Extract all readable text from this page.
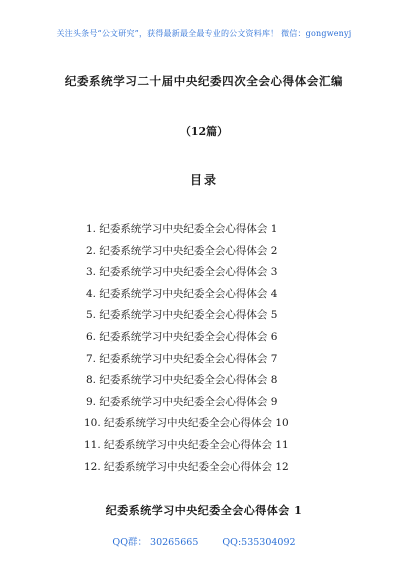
关注头条号“公文研究”，获得最新最全最专业的公文资料库！ 微信：gongwenyj
纪委系统学习二十届中央纪委四次全会心得体会汇编
（12篇）
目录
1. 纪委系统学习中央纪委全会心得体会 1
2. 纪委系统学习中央纪委全会心得体会 2
3. 纪委系统学习中央纪委全会心得体会 3
4. 纪委系统学习中央纪委全会心得体会 4
5. 纪委系统学习中央纪委全会心得体会 5
6. 纪委系统学习中央纪委全会心得体会 6
7. 纪委系统学习中央纪委全会心得体会 7
8. 纪委系统学习中央纪委全会心得体会 8
9. 纪委系统学习中央纪委全会心得体会 9
10. 纪委系统学习中央纪委全会心得体会 10
11. 纪委系统学习中央纪委全会心得体会 11
12. 纪委系统学习中央纪委全会心得体会 12
纪委系统学习中央纪委全会心得体会 1
QQ群： 30265665	QQ:535304092
